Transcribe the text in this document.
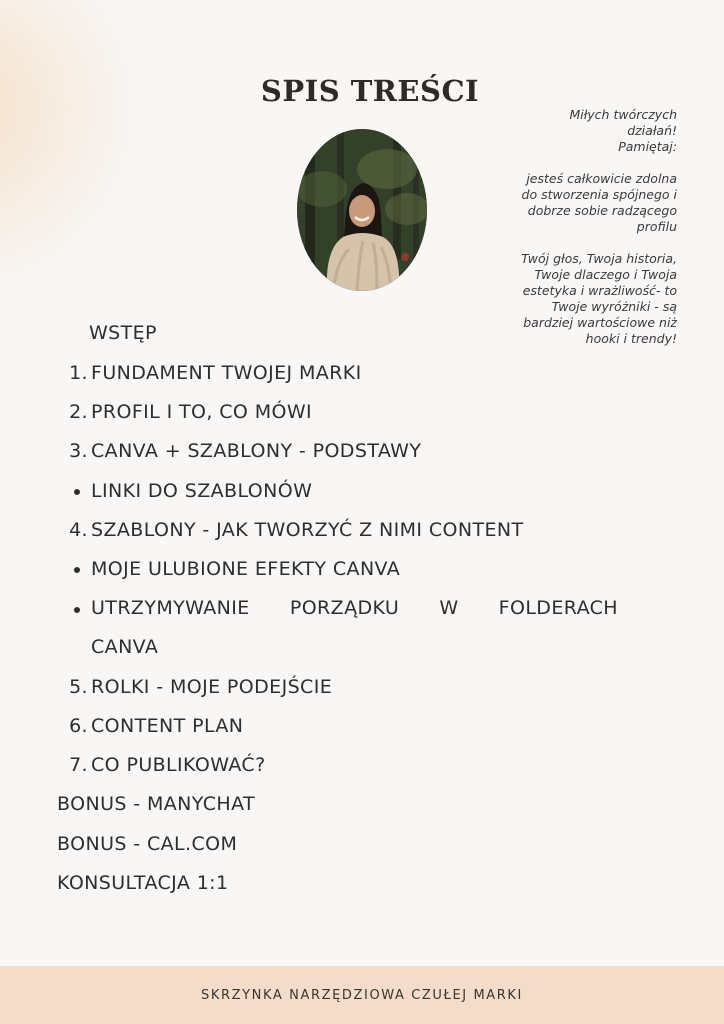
SPIS TREŚCI

Miłych twórczych
działań!
Pamiętaj:

jesteś całkowicie zdolna
do stworzenia spójnego i
dobrze sobie radzącego
profilu

Twój głos, Twoja historia,
Twoje dlaczego i Twoja
estetyka i wrażliwość- to
Twoje wyróżniki - są
bardziej wartościowe niż
hooki i trendy!

WSTĘP
1. FUNDAMENT TWOJEJ MARKI
2. PROFIL I TO, CO MÓWI
3. CANVA + SZABLONY - PODSTAWY
LINKI DO SZABLONÓW
4. SZABLONY - JAK TWORZYĆ Z NIMI CONTENT
MOJE ULUBIONE EFEKTY CANVA
UTRZYMYWANIE PORZĄDKU W FOLDERACH
CANVA
5. ROLKI - MOJE PODEJŚCIE
6. CONTENT PLAN
7. CO PUBLIKOWAĆ?
BONUS - MANYCHAT
BONUS - CAL.COM
KONSULTACJA 1:1
SKRZYNKA NARZĘDZIOWA CZUŁEJ MARKI
